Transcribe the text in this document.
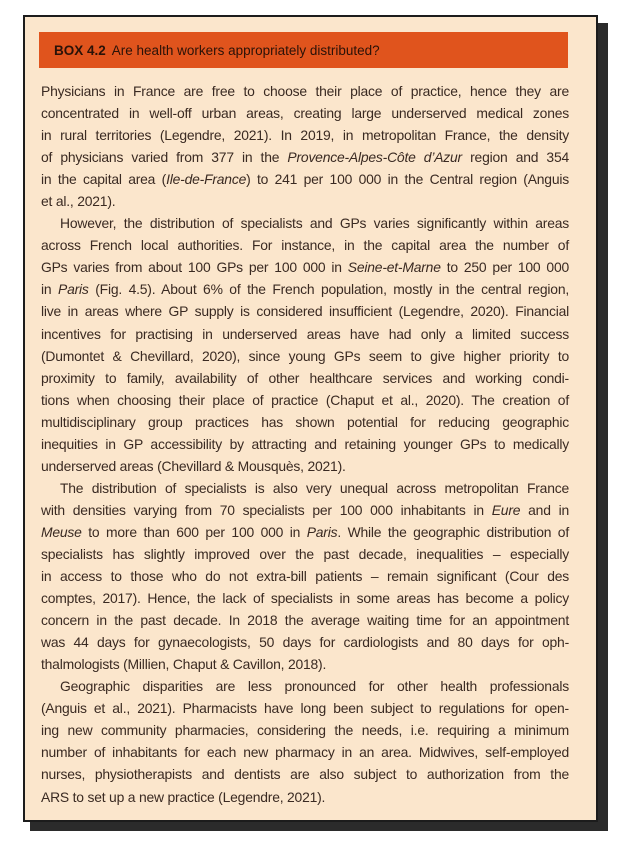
BOX 4.2 Are health workers appropriately distributed?
Physicians in France are free to choose their place of practice, hence they are
concentrated in well-off urban areas, creating large underserved medical zones
in rural territories (Legendre, 2021). In 2019, in metropolitan France, the density
of physicians varied from 377 in the Provence-Alpes-Côte d’Azur region and 354
in the capital area (Ile-de-France) to 241 per 100 000 in the Central region (Anguis
et al., 2021).
However, the distribution of specialists and GPs varies significantly within areas
across French local authorities. For instance, in the capital area the number of
GPs varies from about 100 GPs per 100 000 in Seine-et-Marne to 250 per 100 000
in Paris (Fig. 4.5). About 6% of the French population, mostly in the central region,
live in areas where GP supply is considered insufficient (Legendre, 2020). Financial
incentives for practising in underserved areas have had only a limited success
(Dumontet & Chevillard, 2020), since young GPs seem to give higher priority to
proximity to family, availability of other healthcare services and working condi-
tions when choosing their place of practice (Chaput et al., 2020). The creation of
multidisciplinary group practices has shown potential for reducing geographic
inequities in GP accessibility by attracting and retaining younger GPs to medically
underserved areas (Chevillard & Mousquès, 2021).
The distribution of specialists is also very unequal across metropolitan France
with densities varying from 70 specialists per 100 000 inhabitants in Eure and in
Meuse to more than 600 per 100 000 in Paris. While the geographic distribution of
specialists has slightly improved over the past decade, inequalities – especially
in access to those who do not extra-bill patients – remain significant (Cour des
comptes, 2017). Hence, the lack of specialists in some areas has become a policy
concern in the past decade. In 2018 the average waiting time for an appointment
was 44 days for gynaecologists, 50 days for cardiologists and 80 days for oph-
thalmologists (Millien, Chaput & Cavillon, 2018).
Geographic disparities are less pronounced for other health professionals
(Anguis et al., 2021). Pharmacists have long been subject to regulations for open-
ing new community pharmacies, considering the needs, i.e. requiring a minimum
number of inhabitants for each new pharmacy in an area. Midwives, self-employed
nurses, physiotherapists and dentists are also subject to authorization from the
ARS to set up a new practice (Legendre, 2021).
